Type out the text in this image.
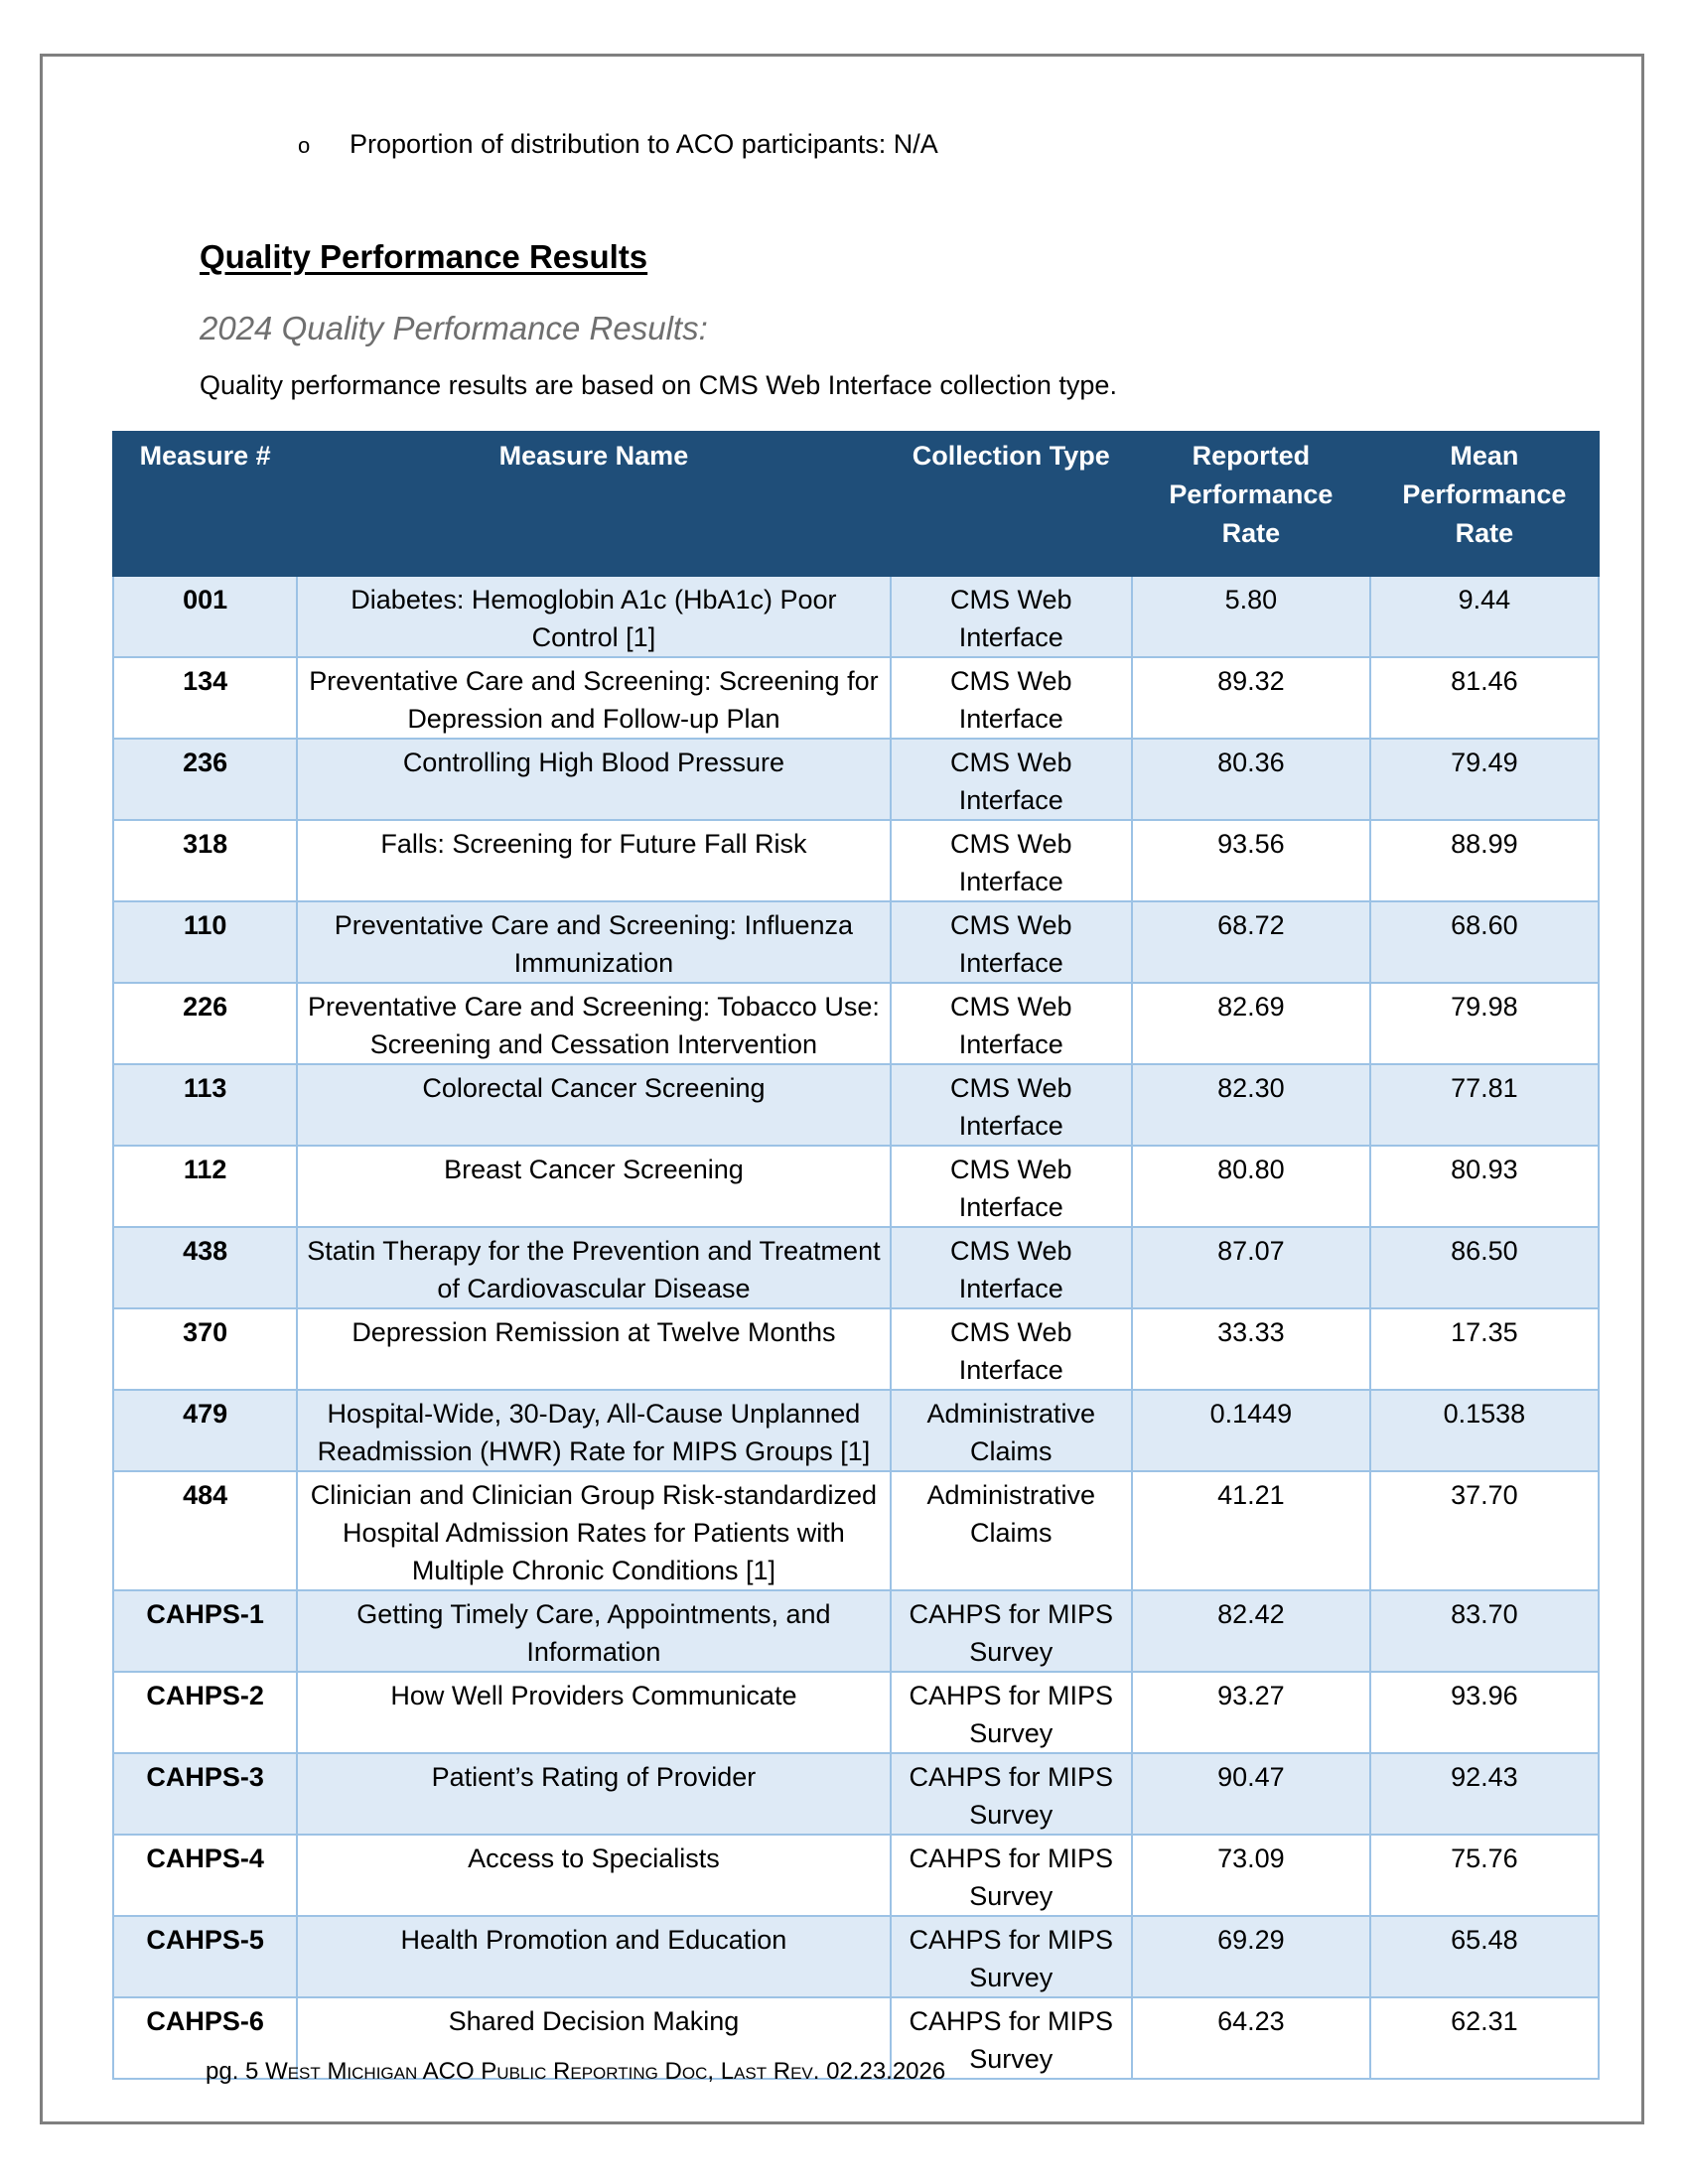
o Proportion of distribution to ACO participants: N/A
Quality Performance Results
2024 Quality Performance Results:
Quality performance results are based on CMS Web Interface collection type.
Measure #	Measure Name	Collection Type	Reported Performance Rate	Mean Performance Rate
001	Diabetes: Hemoglobin A1c (HbA1c) Poor Control [1]	CMS Web Interface	5.80	9.44
134	Preventative Care and Screening: Screening for Depression and Follow-up Plan	CMS Web Interface	89.32	81.46
236	Controlling High Blood Pressure	CMS Web Interface	80.36	79.49
318	Falls: Screening for Future Fall Risk	CMS Web Interface	93.56	88.99
110	Preventative Care and Screening: Influenza Immunization	CMS Web Interface	68.72	68.60
226	Preventative Care and Screening: Tobacco Use: Screening and Cessation Intervention	CMS Web Interface	82.69	79.98
113	Colorectal Cancer Screening	CMS Web Interface	82.30	77.81
112	Breast Cancer Screening	CMS Web Interface	80.80	80.93
438	Statin Therapy for the Prevention and Treatment of Cardiovascular Disease	CMS Web Interface	87.07	86.50
370	Depression Remission at Twelve Months	CMS Web Interface	33.33	17.35
479	Hospital-Wide, 30-Day, All-Cause Unplanned Readmission (HWR) Rate for MIPS Groups [1]	Administrative Claims	0.1449	0.1538
484	Clinician and Clinician Group Risk-standardized Hospital Admission Rates for Patients with Multiple Chronic Conditions [1]	Administrative Claims	41.21	37.70
CAHPS-1	Getting Timely Care, Appointments, and Information	CAHPS for MIPS Survey	82.42	83.70
CAHPS-2	How Well Providers Communicate	CAHPS for MIPS Survey	93.27	93.96
CAHPS-3	Patient’s Rating of Provider	CAHPS for MIPS Survey	90.47	92.43
CAHPS-4	Access to Specialists	CAHPS for MIPS Survey	73.09	75.76
CAHPS-5	Health Promotion and Education	CAHPS for MIPS Survey	69.29	65.48
CAHPS-6	Shared Decision Making	CAHPS for MIPS Survey	64.23	62.31
pg. 5 West Michigan ACO Public Reporting Doc, Last Rev. 02.23.2026
